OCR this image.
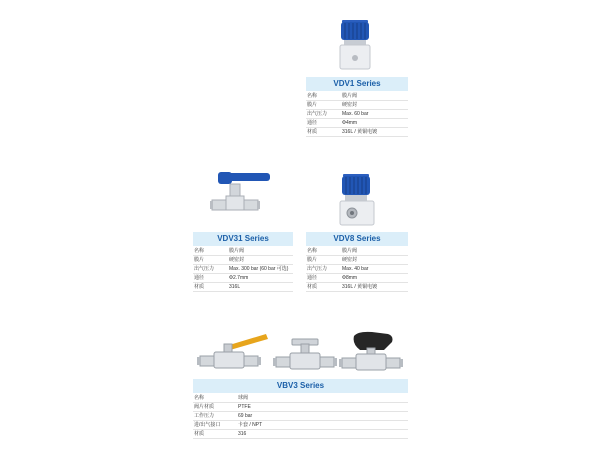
VDV1 Series
名称	膜片阀
膜片	硬密封
出气压力	Max. 60 bar
通径	Φ4mm
材质	316L / 黄铜电镀
VDV31 Series
名称	膜片阀
膜片	硬密封
出气压力	Max. 300 bar (60 bar 可选)
通径	Φ2.7mm
材质	316L
VDV8 Series
名称	膜片阀
膜片	硬密封
出气压力	Max. 40 bar
通径	Φ8mm
材质	316L / 黄铜电镀
VBV3 Series
名称	球阀
阀片材质	PTFE
工作压力	69 bar
进/出气接口	卡套 / NPT
材质	316
